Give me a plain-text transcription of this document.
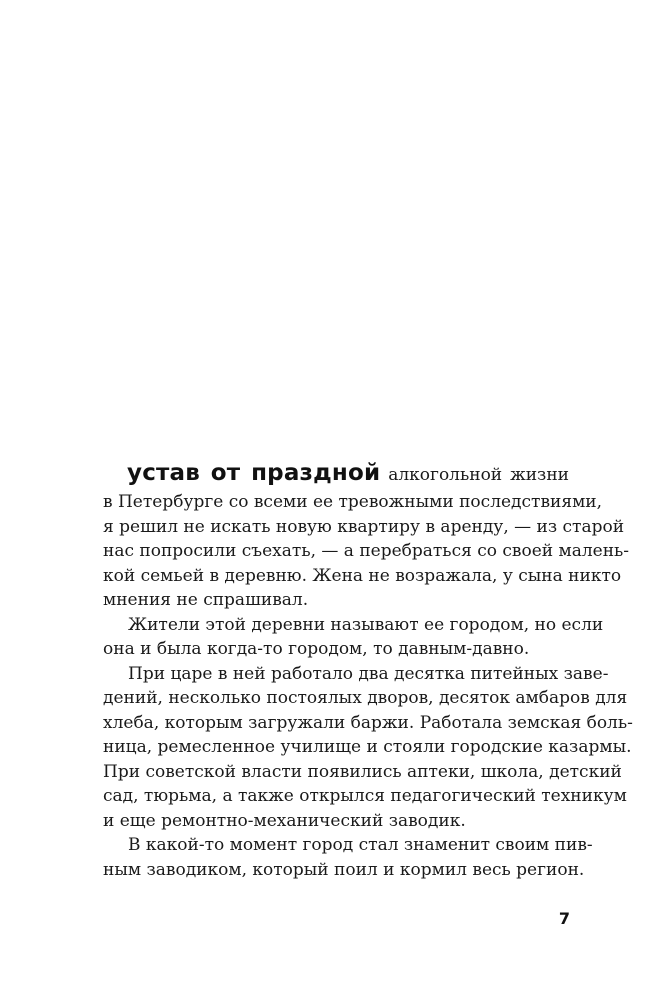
устав от праздной алкогольной жизни
в Петербурге со всеми ее тревожными последствиями,
я решил не искать новую квартиру в аренду, — из старой
нас попросили съехать, — а перебраться со своей малень-
кой семьей в деревню. Жена не возражала, у сына никто
мнения не спрашивал.

Жители этой деревни называют ее городом, но если
она и была когда-то городом, то давным-давно.

При царе в ней работало два десятка питейных заве-
дений, несколько постоялых дворов, десяток амбаров для
хлеба, которым загружали баржи. Работала земская боль-
ница, ремесленное училище и стояли городские казармы.
При советской власти появились аптеки, школа, детский
сад, тюрьма, а также открылся педагогический техникум
и еще ремонтно-механический заводик.

В какой-то момент город стал знаменит своим пив-
ным заводиком, который поил и кормил весь регион.

7
